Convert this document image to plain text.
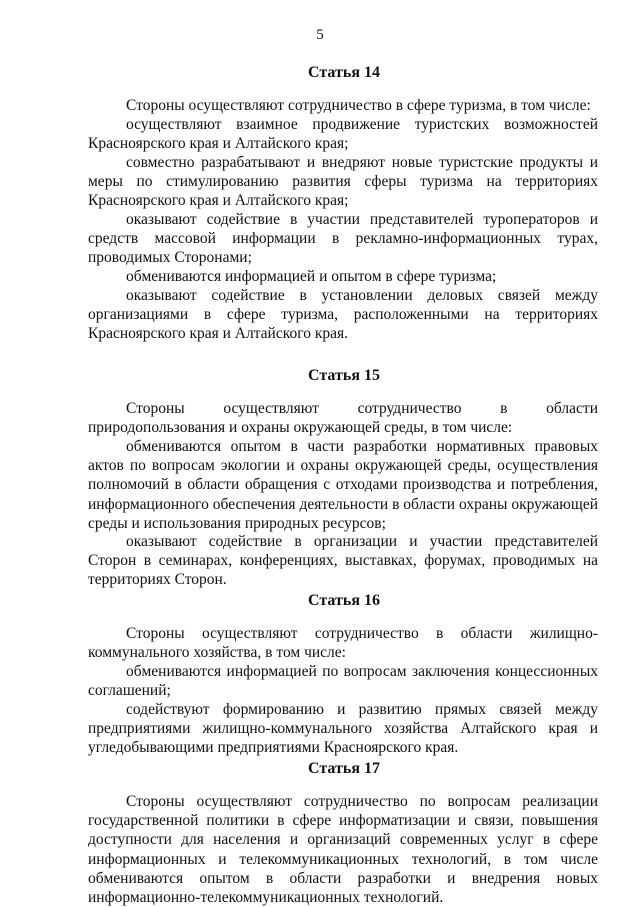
5
Статья 14

Стороны осуществляют сотрудничество в сфере туризма, в том числе:

осуществляют взаимное продвижение туристских возможностей Красноярского края и Алтайского края;

совместно разрабатывают и внедряют новые туристские продукты и меры по стимулированию развития сферы туризма на территориях Красноярского края и Алтайского края;

оказывают содействие в участии представителей туроператоров и средств массовой информации в рекламно-информационных турах, проводимых Сторонами;

обмениваются информацией и опытом в сфере туризма;

оказывают содействие в установлении деловых связей между организациями в сфере туризма, расположенными на территориях Красноярского края и Алтайского края.

Статья 15

Стороны осуществляют сотрудничество в области природопользования и охраны окружающей среды, в том числе:

обмениваются опытом в части разработки нормативных правовых актов по вопросам экологии и охраны окружающей среды, осуществления полномочий в области обращения с отходами производства и потребления, информационного обеспечения деятельности в области охраны окружающей среды и использования природных ресурсов;

оказывают содействие в организации и участии представителей Сторон в семинарах, конференциях, выставках, форумах, проводимых на территориях Сторон.

Статья 16

Стороны осуществляют сотрудничество в области жилищно-коммунального хозяйства, в том числе:

обмениваются информацией по вопросам заключения концессионных соглашений;

содействуют формированию и развитию прямых связей между предприятиями жилищно-коммунального хозяйства Алтайского края и угледобывающими предприятиями Красноярского края.

Статья 17

Стороны осуществляют сотрудничество по вопросам реализации государственной политики в сфере информатизации и связи, повышения доступности для населения и организаций современных услуг в сфере информационных и телекоммуникационных технологий, в том числе обмениваются опытом в области разработки и внедрения новых информационно-телекоммуникационных технологий.
